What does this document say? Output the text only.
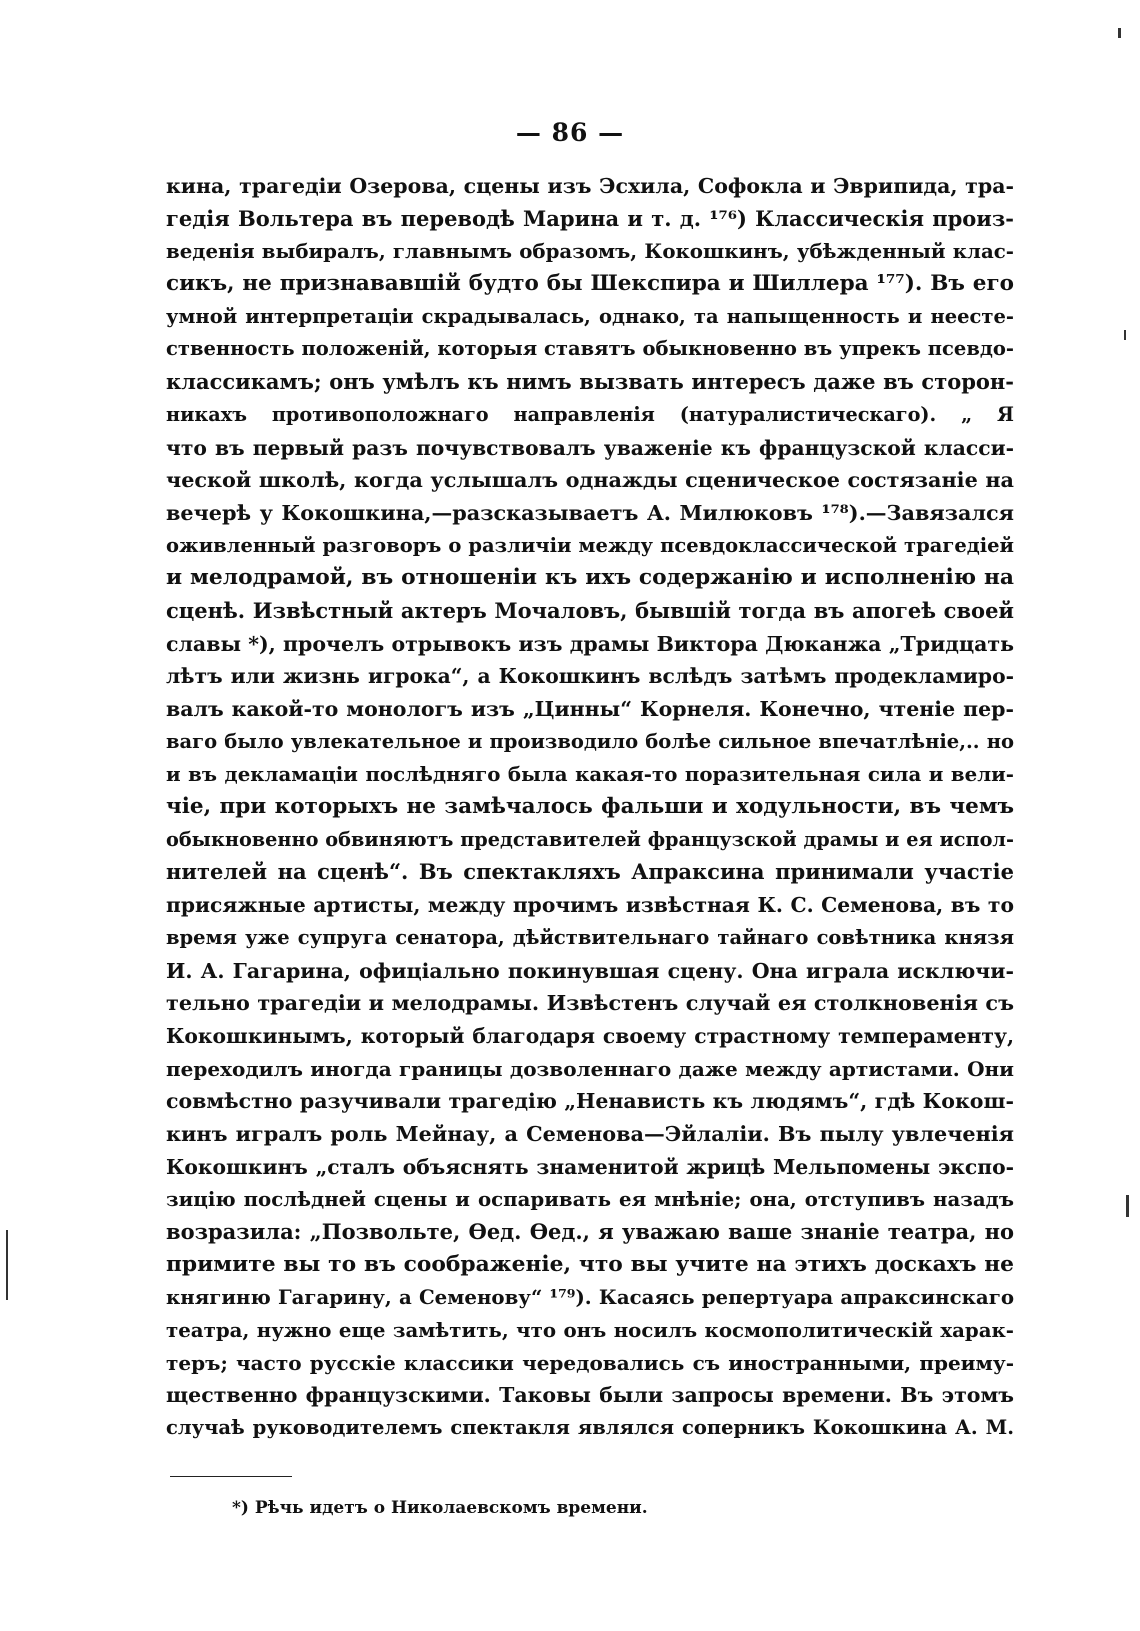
— 86 —
кина, трагедіи Озерова, сцены изъ Эсхила, Софокла и Эврипида, тра-
гедія Вольтера въ переводѣ Марина и т. д. ¹⁷⁶) Классическія произ-
веденія выбиралъ, главнымъ образомъ, Кокошкинъ, убѣжденный клас-
сикъ, не признававшій будто бы Шекспира и Шиллера ¹⁷⁷). Въ его
умной интерпретаціи скрадывалась, однако, та напыщенность и неесте-
ственность положеній, которыя ставятъ обыкновенно въ упрекъ псевдо-
классикамъ; онъ умѣлъ къ нимъ вызвать интересъ даже въ сторон-
никахъ противоположнаго направленія (натуралистическаго). „ Я
что въ первый разъ почувствовалъ уваженіе къ французской класси-
ческой школѣ, когда услышалъ однажды сценическое состязаніе на
вечерѣ у Кокошкина,—разсказываетъ А. Милюковъ ¹⁷⁸).—Завязался
оживленный разговоръ о различіи между псевдоклассической трагедіей
и мелодрамой, въ отношеніи къ ихъ содержанію и исполненію на
сценѣ. Извѣстный актеръ Мочаловъ, бывшій тогда въ апогеѣ своей
славы *), прочелъ отрывокъ изъ драмы Виктора Дюканжа „Тридцать
лѣтъ или жизнь игрока“, а Кокошкинъ вслѣдъ затѣмъ продекламиро-
валъ какой-то монологъ изъ „Цинны“ Корнеля. Конечно, чтеніе пер-
ваго было увлекательное и производило болѣе сильное впечатлѣніе,.. но
и въ декламаціи послѣдняго была какая-то поразительная сила и вели-
чіе, при которыхъ не замѣчалось фальши и ходульности, въ чемъ
обыкновенно обвиняютъ представителей французской драмы и ея испол-
нителей на сценѣ“. Въ спектакляхъ Апраксина принимали участіе
присяжные артисты, между прочимъ извѣстная К. С. Семенова, въ то
время уже супруга сенатора, дѣйствительнаго тайнаго совѣтника князя
И. А. Гагарина, офиціально покинувшая сцену. Она играла исключи-
тельно трагедіи и мелодрамы. Извѣстенъ случай ея столкновенія съ
Кокошкинымъ, который благодаря своему страстному темпераменту,
переходилъ иногда границы дозволеннаго даже между артистами. Они
совмѣстно разучивали трагедію „Ненависть къ людямъ“, гдѣ Кокош-
кинъ игралъ роль Мейнау, а Семенова—Эйлаліи. Въ пылу увлеченія
Кокошкинъ „сталъ объяснять знаменитой жрицѣ Мельпомены экспо-
зицію послѣдней сцены и оспаривать ея мнѣніе; она, отступивъ назадъ
возразила: „Позвольте, Ѳед. Ѳед., я уважаю ваше знаніе театра, но
примите вы то въ соображеніе, что вы учите на этихъ доскахъ не
княгиню Гагарину, а Семенову“ ¹⁷⁹). Касаясь репертуара апраксинскаго
театра, нужно еще замѣтить, что онъ носилъ космополитическій харак-
теръ; часто русскіе классики чередовались съ иностранными, преиму-
щественно французскими. Таковы были запросы времени. Въ этомъ
случаѣ руководителемъ спектакля являлся соперникъ Кокошкина А. М.
*) Рѣчь идетъ о Николаевскомъ времени.
